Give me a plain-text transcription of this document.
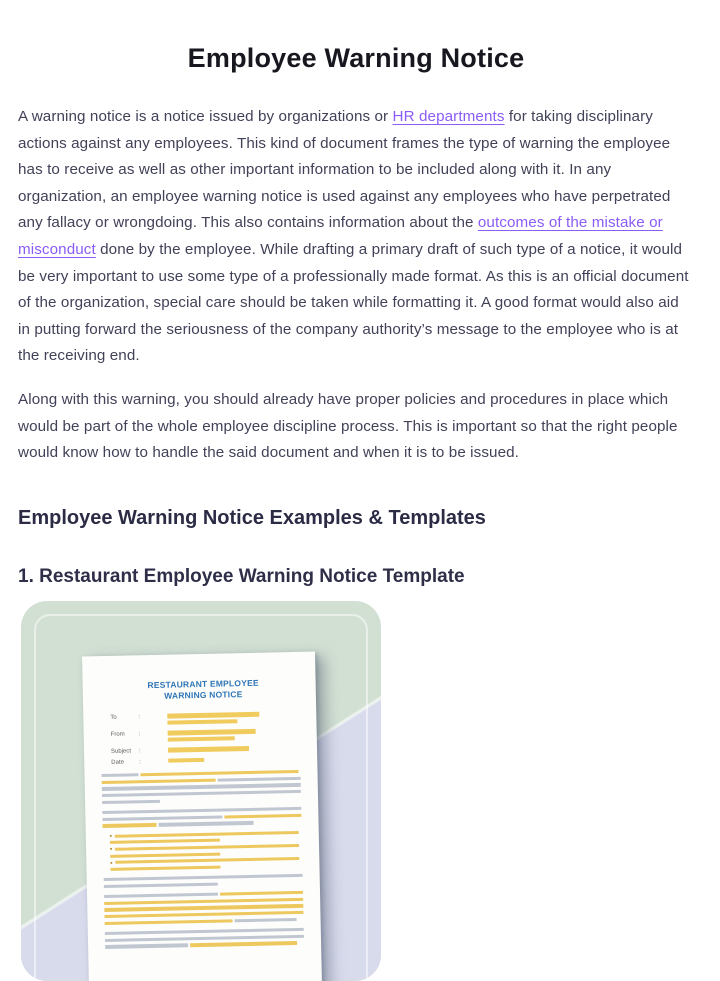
Employee Warning Notice

A warning notice is a notice issued by organizations or HR departments for taking disciplinary actions against any employees. This kind of document frames the type of warning the employee has to receive as well as other important information to be included along with it. In any organization, an employee warning notice is used against any employees who have perpetrated any fallacy or wrongdoing. This also contains information about the outcomes of the mistake or misconduct done by the employee. While drafting a primary draft of such type of a notice, it would be very important to use some type of a professionally made format. As this is an official document of the organization, special care should be taken while formatting it. A good format would also aid in putting forward the seriousness of the company authority’s message to the employee who is at the receiving end.

Along with this warning, you should already have proper policies and procedures in place which would be part of the whole employee discipline process. This is important so that the right people would know how to handle the said document and when it is to be issued.

Employee Warning Notice Examples & Templates
1. Restaurant Employee Warning Notice Template
RESTAURANT EMPLOYEE
WARNING NOTICE
To	:
From	:
Subject	:
Date	:
